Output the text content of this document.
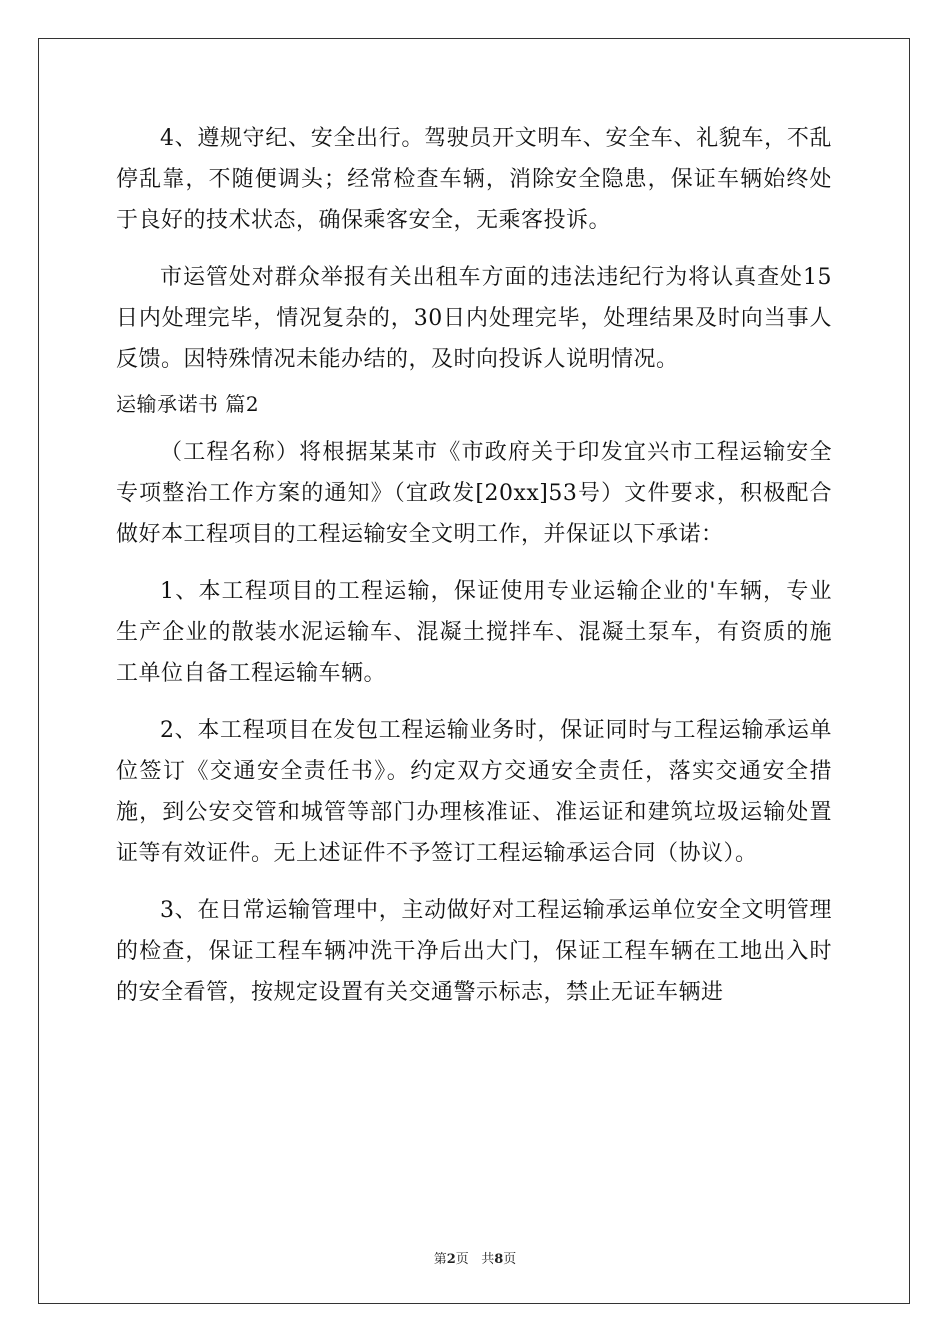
4、遵规守纪、安全出行。驾驶员开文明车、安全车、礼貌车，不乱停乱靠，不随便调头；经常检查车辆，消除安全隐患，保证车辆始终处于良好的技术状态，确保乘客安全，无乘客投诉。

市运管处对群众举报有关出租车方面的违法违纪行为将认真查处15日内处理完毕，情况复杂的，30日内处理完毕，处理结果及时向当事人反馈。因特殊情况未能办结的，及时向投诉人说明情况。

运输承诺书 篇2

（工程名称）将根据某某市《市政府关于印发宜兴市工程运输安全专项整治工作方案的通知》（宜政发[20xx]53号）文件要求，积极配合做好本工程项目的工程运输安全文明工作，并保证以下承诺：

1、本工程项目的工程运输，保证使用专业运输企业的'车辆，专业生产企业的散装水泥运输车、混凝土搅拌车、混凝土泵车，有资质的施工单位自备工程运输车辆。

2、本工程项目在发包工程运输业务时，保证同时与工程运输承运单位签订《交通安全责任书》。约定双方交通安全责任，落实交通安全措施，到公安交管和城管等部门办理核准证、准运证和建筑垃圾运输处置证等有效证件。无上述证件不予签订工程运输承运合同（协议）。

3、在日常运输管理中，主动做好对工程运输承运单位安全文明管理的检查，保证工程车辆冲洗干净后出大门，保证工程车辆在工地出入时的安全看管，按规定设置有关交通警示标志，禁止无证车辆进

第2页   共8页
